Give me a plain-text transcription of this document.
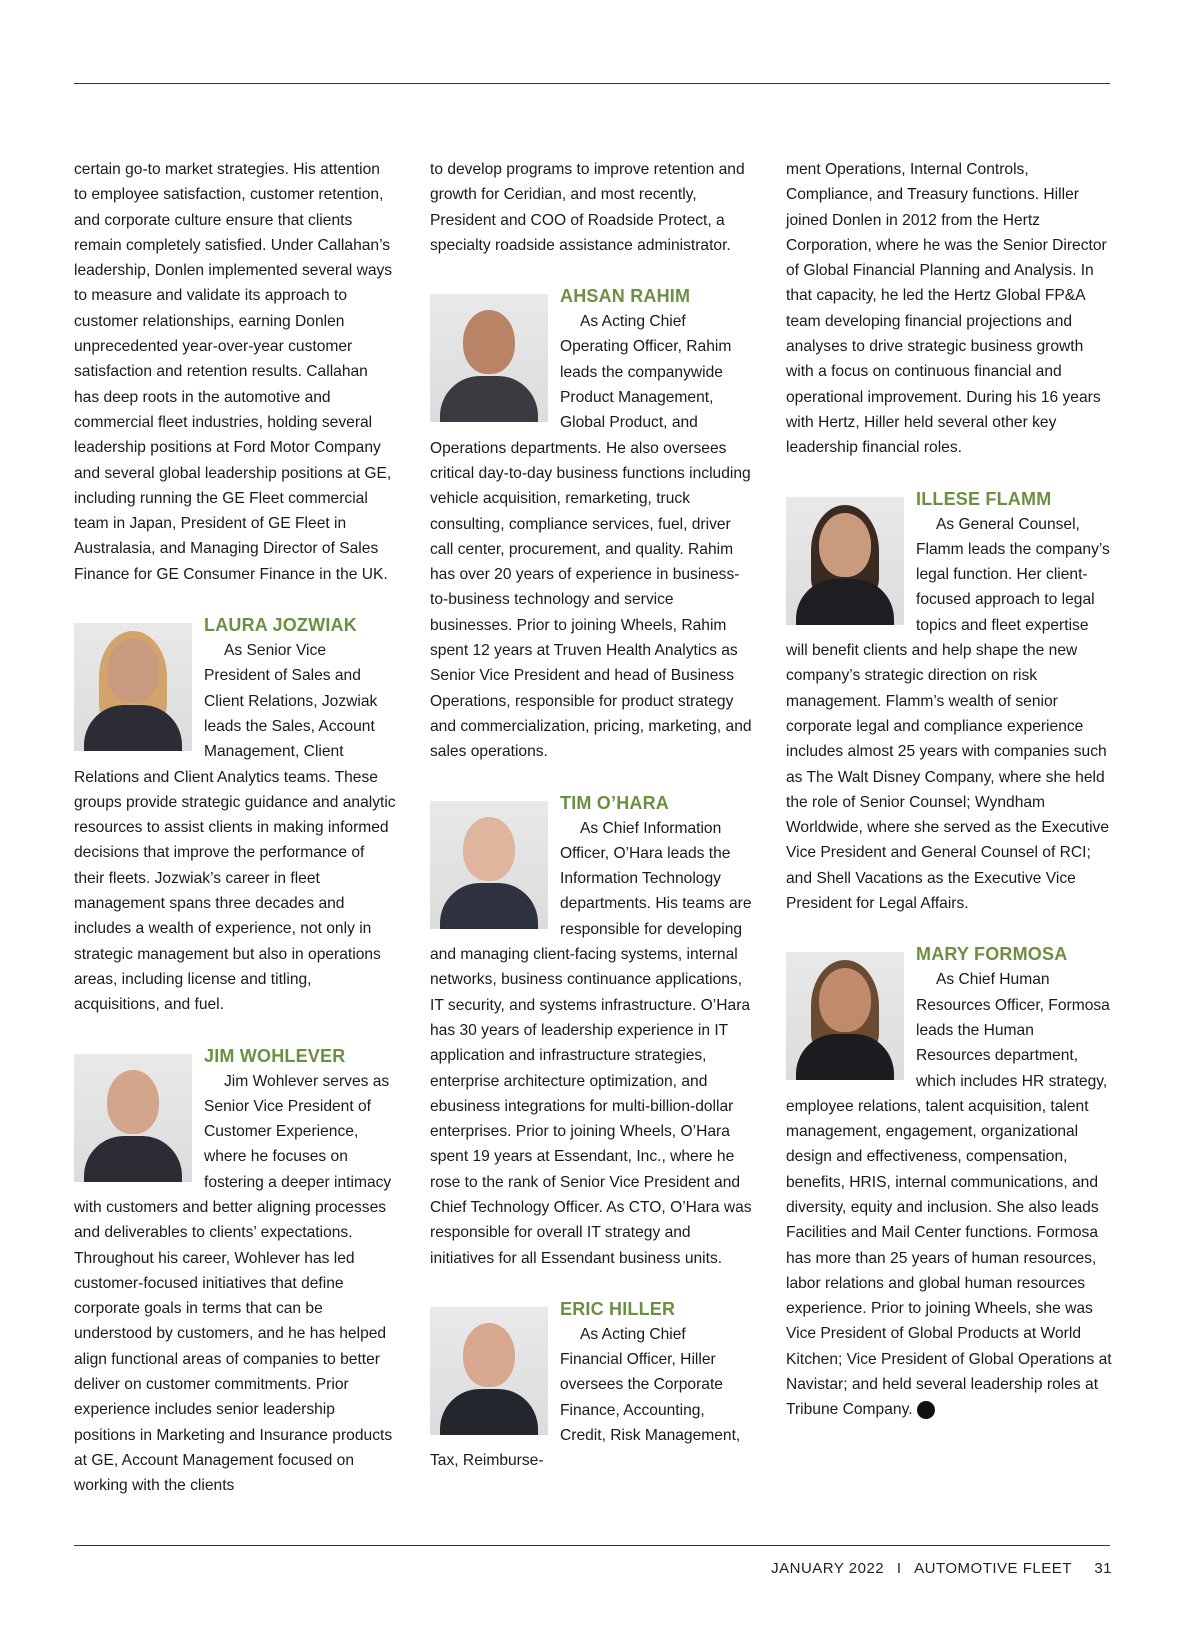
certain go-to market strategies. His attention to employee satisfaction, customer retention, and corporate culture ensure that clients remain completely satisfied. Under Callahan’s leadership, Donlen implemented several ways to measure and validate its approach to customer relationships, earning Donlen unprecedented year-over-year customer satisfaction and retention results. Callahan has deep roots in the automotive and commercial fleet industries, holding several leadership positions at Ford Motor Company and several global leadership positions at GE, including running the GE Fleet commercial team in Japan, President of GE Fleet in Australasia, and Managing Director of Sales Finance for GE Consumer Finance in the UK.

LAURA JOZWIAK

As Senior Vice President of Sales and Client Relations, Jozwiak leads the Sales, Account Management, Client Relations and Client Analytics teams. These groups provide strategic guidance and analytic resources to assist clients in making informed decisions that improve the performance of their fleets. Jozwiak’s career in fleet management spans three decades and includes a wealth of experience, not only in strategic management but also in operations areas, including license and titling, acquisitions, and fuel.

JIM WOHLEVER

Jim Wohlever serves as Senior Vice President of Customer Experience, where he focuses on fostering a deeper intimacy with customers and better aligning processes and deliverables to clients’ expectations. Throughout his career, Wohlever has led customer-focused initiatives that define corporate goals in terms that can be understood by customers, and he has helped align functional areas of companies to better deliver on customer commitments. Prior experience includes senior leadership positions in Marketing and Insurance products at GE, Account Management focused on working with the clients

to develop programs to improve retention and growth for Ceridian, and most recently, President and COO of Roadside Protect, a specialty roadside assistance administrator.

AHSAN RAHIM

As Acting Chief Operating Officer, Rahim leads the companywide Product Management, Global Product, and Operations departments. He also oversees critical day-to-day business functions including vehicle acquisition, remarketing, truck consulting, compliance services, fuel, driver call center, procurement, and quality. Rahim has over 20 years of experience in business-to-business technology and service businesses. Prior to joining Wheels, Rahim spent 12 years at Truven Health Analytics as Senior Vice President and head of Business Operations, responsible for product strategy and commercialization, pricing, marketing, and sales operations.

TIM O’HARA

As Chief Information Officer, O’Hara leads the Information Technology departments. His teams are responsible for developing and managing client-facing systems, internal networks, business continuance applications, IT security, and systems infrastructure. O’Hara has 30 years of leadership experience in IT application and infrastructure strategies, enterprise architecture optimization, and ebusiness integrations for multi-billion-dollar enterprises. Prior to joining Wheels, O’Hara spent 19 years at Essendant, Inc., where he rose to the rank of Senior Vice President and Chief Technology Officer. As CTO, O’Hara was responsible for overall IT strategy and initiatives for all Essendant business units.

ERIC HILLER

As Acting Chief Financial Officer, Hiller oversees the Corporate Finance, Accounting, Credit, Risk Management, Tax, Reimburse-

ment Operations, Internal Controls, Compliance, and Treasury functions. Hiller joined Donlen in 2012 from the Hertz Corporation, where he was the Senior Director of Global Financial Planning and Analysis. In that capacity, he led the Hertz Global FP&A team developing financial projections and analyses to drive strategic business growth with a focus on continuous financial and operational improvement. During his 16 years with Hertz, Hiller held several other key leadership financial roles.

ILLESE FLAMM

As General Counsel, Flamm leads the company’s legal function. Her client-focused approach to legal topics and fleet expertise will benefit clients and help shape the new company’s strategic direction on risk management. Flamm’s wealth of senior corporate legal and compliance experience includes almost 25 years with companies such as The Walt Disney Company, where she held the role of Senior Counsel; Wyndham Worldwide, where she served as the Executive Vice President and General Counsel of RCI; and Shell Vacations as the Executive Vice President for Legal Affairs.

MARY FORMOSA

As Chief Human Resources Officer, Formosa leads the Human Resources department, which includes HR strategy, employee relations, talent acquisition, talent management, engagement, organizational design and effectiveness, compensation, benefits, HRIS, internal communications, and diversity, equity and inclusion. She also leads Facilities and Mail Center functions. Formosa has more than 25 years of human resources, labor relations and global human resources experience. Prior to joining Wheels, she was Vice President of Global Products at World Kitchen; Vice President of Global Operations at Navistar; and held several leadership roles at Tribune Company.	AF

JANUARY 2022 I AUTOMOTIVE FLEET 31
